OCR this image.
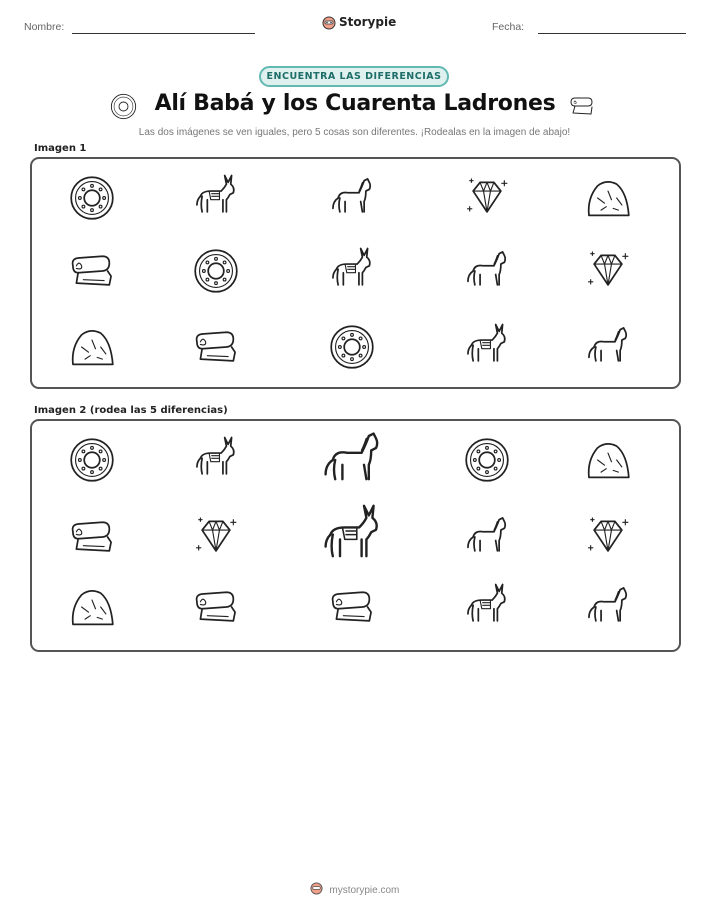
Nombre:	Storypie	Fecha:
ENCUENTRA LAS DIFERENCIAS
Alí Babá y los Cuarenta Ladrones
Las dos imágenes se ven iguales, pero 5 cosas son diferentes. ¡Rodealas en la imagen de abajo!
Imagen 1
Imagen 2 (rodea las 5 diferencias)
mystorypie.com
